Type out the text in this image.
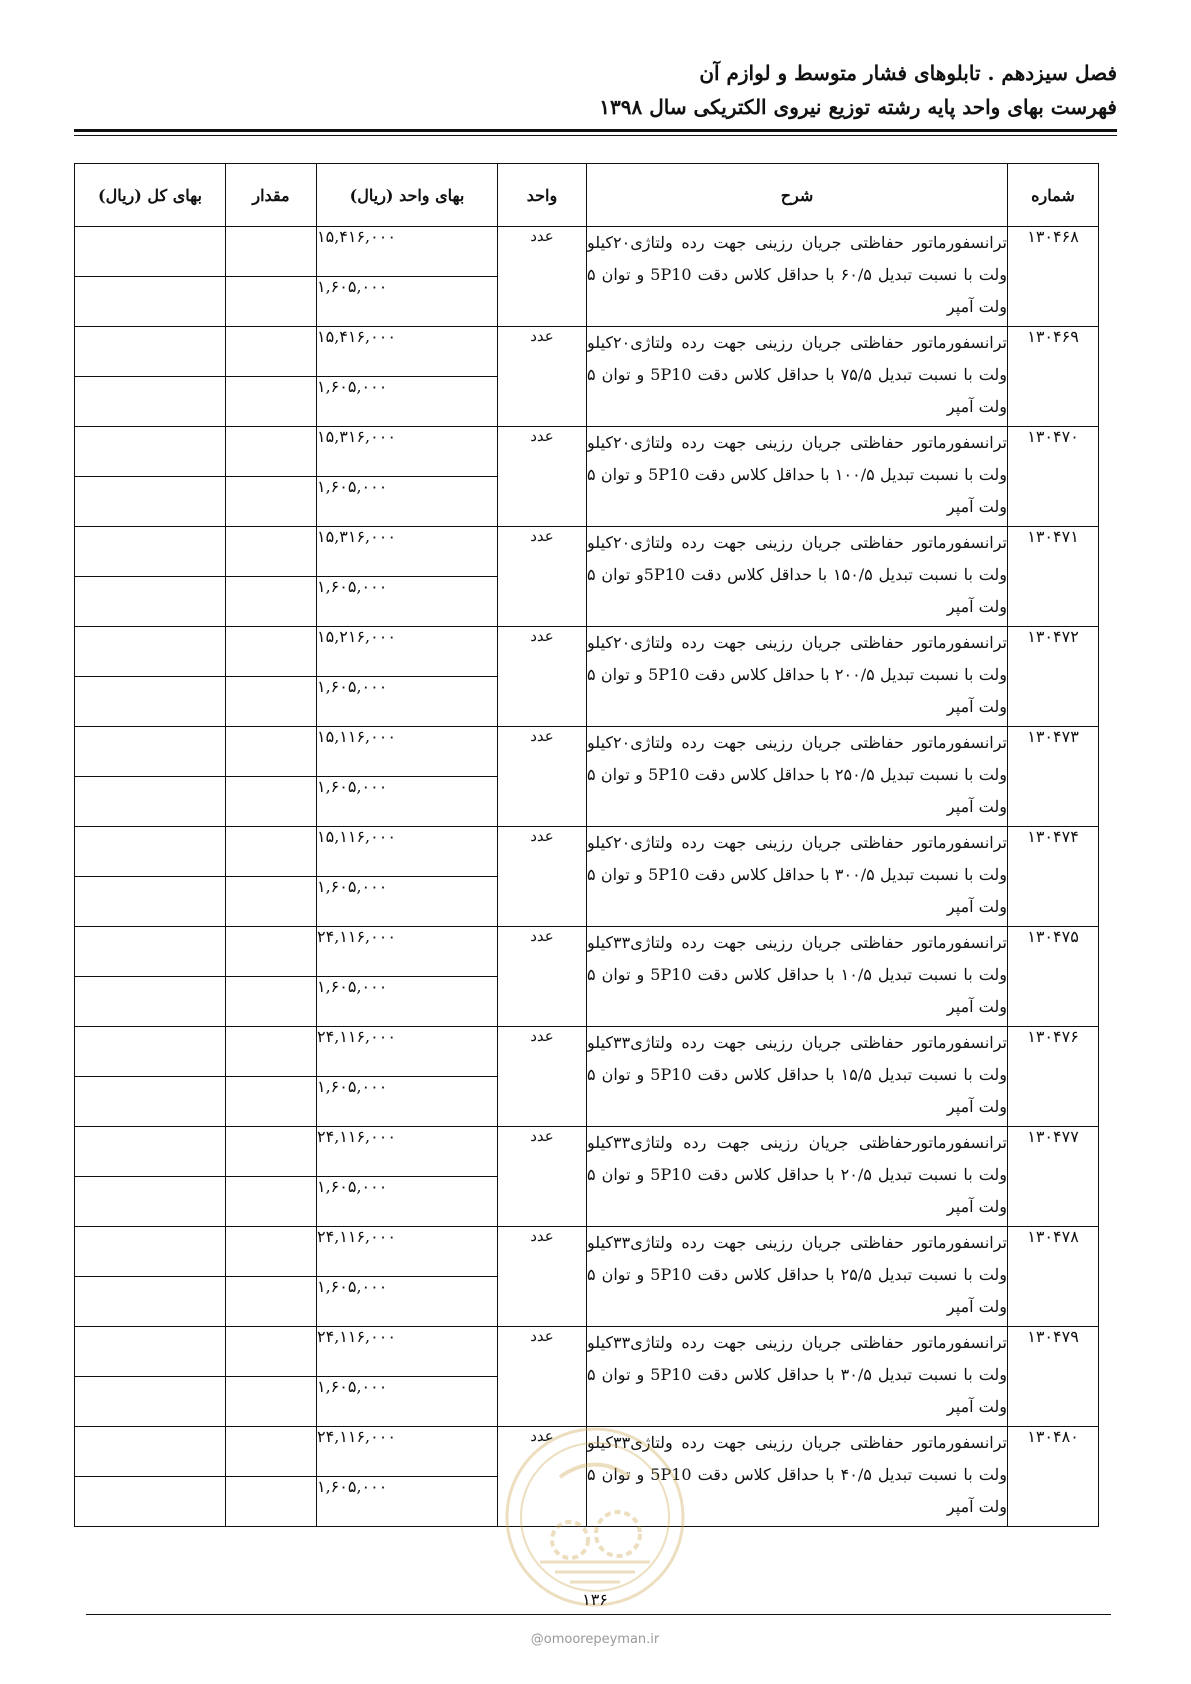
فصل سیزدهم . تابلوهای فشار متوسط و لوازم آن
فهرست بهای واحد پایه رشته توزیع نیروی الکتریکی سال ۱۳۹۸
شماره	شرح	واحد	بهای واحد (ریال)	مقدار	بهای کل (ریال)
۱۳۰۴۶۸	ترانسفورماتور حفاظتی جریان رزینی جهت رده ولتاژی۲۰کیلو ولت با نسبت تبدیل ۶۰/۵ با حداقل کلاس دقت 5P10 و توان ۵ ولت آمپر	عدد	۱۵,۴۱۶,۰۰۰		
			۱,۶۰۵,۰۰۰		
۱۳۰۴۶۹	ترانسفورماتور حفاظتی جریان رزینی جهت رده ولتاژی۲۰کیلو ولت با نسبت تبدیل ۷۵/۵ با حداقل کلاس دقت 5P10 و توان ۵ ولت آمپر	عدد	۱۵,۴۱۶,۰۰۰		
			۱,۶۰۵,۰۰۰		
۱۳۰۴۷۰	ترانسفورماتور حفاظتی جریان رزینی جهت رده ولتاژی۲۰کیلو ولت با نسبت تبدیل ۱۰۰/۵ با حداقل کلاس دقت 5P10 و توان ۵ ولت آمپر	عدد	۱۵,۳۱۶,۰۰۰		
			۱,۶۰۵,۰۰۰		
۱۳۰۴۷۱	ترانسفورماتور حفاظتی جریان رزینی جهت رده ولتاژی۲۰کیلو ولت با نسبت تبدیل ۱۵۰/۵ با حداقل کلاس دقت 5P10و توان ۵ ولت آمپر	عدد	۱۵,۳۱۶,۰۰۰		
			۱,۶۰۵,۰۰۰		
۱۳۰۴۷۲	ترانسفورماتور حفاظتی جریان رزینی جهت رده ولتاژی۲۰کیلو ولت با نسبت تبدیل ۲۰۰/۵ با حداقل کلاس دقت 5P10 و توان ۵ ولت آمپر	عدد	۱۵,۲۱۶,۰۰۰		
			۱,۶۰۵,۰۰۰		
۱۳۰۴۷۳	ترانسفورماتور حفاظتی جریان رزینی جهت رده ولتاژی۲۰کیلو ولت با نسبت تبدیل ۲۵۰/۵ با حداقل کلاس دقت 5P10 و توان ۵ ولت آمپر	عدد	۱۵,۱۱۶,۰۰۰		
			۱,۶۰۵,۰۰۰		
۱۳۰۴۷۴	ترانسفورماتور حفاظتی جریان رزینی جهت رده ولتاژی۲۰کیلو ولت با نسبت تبدیل ۳۰۰/۵ با حداقل کلاس دقت 5P10 و توان ۵ ولت آمپر	عدد	۱۵,۱۱۶,۰۰۰		
			۱,۶۰۵,۰۰۰		
۱۳۰۴۷۵	ترانسفورماتور حفاظتی جریان رزینی جهت رده ولتاژی۳۳کیلو ولت با نسبت تبدیل ۱۰/۵ با حداقل کلاس دقت 5P10 و توان ۵ ولت آمپر	عدد	۲۴,۱۱۶,۰۰۰		
			۱,۶۰۵,۰۰۰		
۱۳۰۴۷۶	ترانسفورماتور حفاظتی جریان رزینی جهت رده ولتاژی۳۳کیلو ولت با نسبت تبدیل ۱۵/۵ با حداقل کلاس دقت 5P10 و توان ۵ ولت آمپر	عدد	۲۴,۱۱۶,۰۰۰		
			۱,۶۰۵,۰۰۰		
۱۳۰۴۷۷	ترانسفورماتورحفاظتی جریان رزینی جهت رده ولتاژی۳۳کیلو ولت با نسبت تبدیل ۲۰/۵ با حداقل کلاس دقت 5P10 و توان ۵ ولت آمپر	عدد	۲۴,۱۱۶,۰۰۰		
			۱,۶۰۵,۰۰۰		
۱۳۰۴۷۸	ترانسفورماتور حفاظتی جریان رزینی جهت رده ولتاژی۳۳کیلو ولت با نسبت تبدیل ۲۵/۵ با حداقل کلاس دقت 5P10 و توان ۵ ولت آمپر	عدد	۲۴,۱۱۶,۰۰۰		
			۱,۶۰۵,۰۰۰		
۱۳۰۴۷۹	ترانسفورماتور حفاظتی جریان رزینی جهت رده ولتاژی۳۳کیلو ولت با نسبت تبدیل ۳۰/۵ با حداقل کلاس دقت 5P10 و توان ۵ ولت آمپر	عدد	۲۴,۱۱۶,۰۰۰		
			۱,۶۰۵,۰۰۰		
۱۳۰۴۸۰	ترانسفورماتور حفاظتی جریان رزینی جهت رده ولتاژی۳۳کیلو ولت با نسبت تبدیل ۴۰/۵ با حداقل کلاس دقت 5P10 و توان ۵ ولت آمپر	عدد	۲۴,۱۱۶,۰۰۰		
			۱,۶۰۵,۰۰۰		
۱۳۶
@omoorepeyman.ir
